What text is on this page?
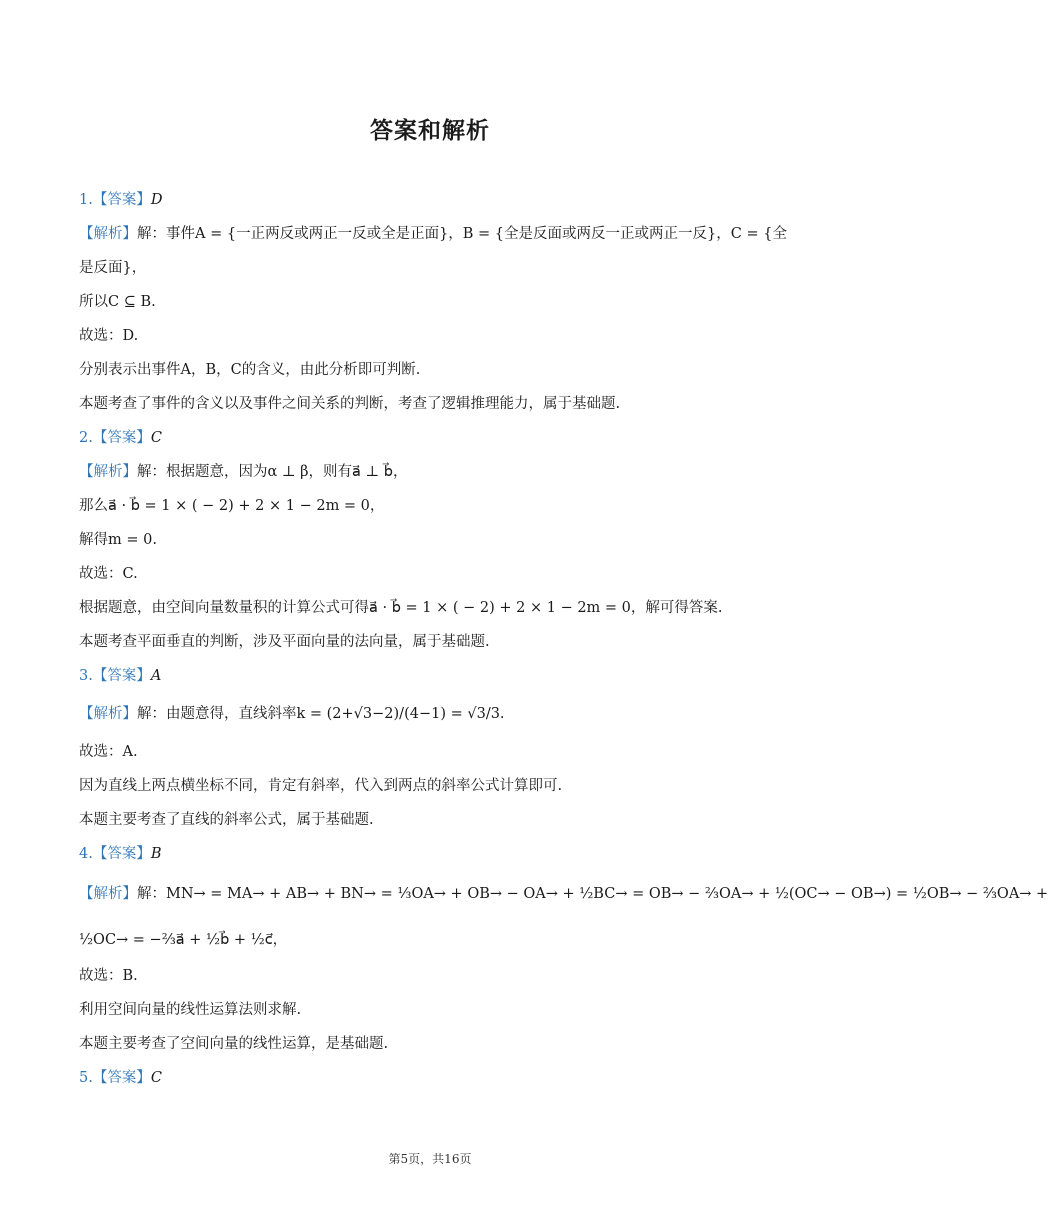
答案和解析
1.【答案】D
【解析】解：事件A = {一正两反或两正一反或全是正面}，B = {全是反面或两反一正或两正一反}，C = {全
是反面}，
所以C ⊆ B.
故选：D.
分别表示出事件A，B，C的含义，由此分析即可判断.
本题考查了事件的含义以及事件之间关系的判断，考查了逻辑推理能力，属于基础题.
2.【答案】C
【解析】解：根据题意，因为α ⊥ β，则有a⃗ ⊥ b⃗，
那么a⃗ · b⃗ = 1 × ( − 2) + 2 × 1 − 2m = 0，
解得m = 0.
故选：C.
根据题意，由空间向量数量积的计算公式可得a⃗ · b⃗ = 1 × ( − 2) + 2 × 1 − 2m = 0，解可得答案.
本题考查平面垂直的判断，涉及平面向量的法向量，属于基础题.
3.【答案】A
【解析】解：由题意得，直线斜率k = (2+√3−2)/(4−1) = √3/3.
故选：A.
因为直线上两点横坐标不同，肯定有斜率，代入到两点的斜率公式计算即可.
本题主要考查了直线的斜率公式，属于基础题.
4.【答案】B
【解析】解：MN→ = MA→ + AB→ + BN→ = ⅓OA→ + OB→ − OA→ + ½BC→ = OB→ − ⅔OA→ + ½(OC→ − OB→) = ½OB→ − ⅔OA→ +
½OC→ = −⅔a⃗ + ½b⃗ + ½c⃗，
故选：B.
利用空间向量的线性运算法则求解.
本题主要考查了空间向量的线性运算，是基础题.
5.【答案】C
第5页，共16页
